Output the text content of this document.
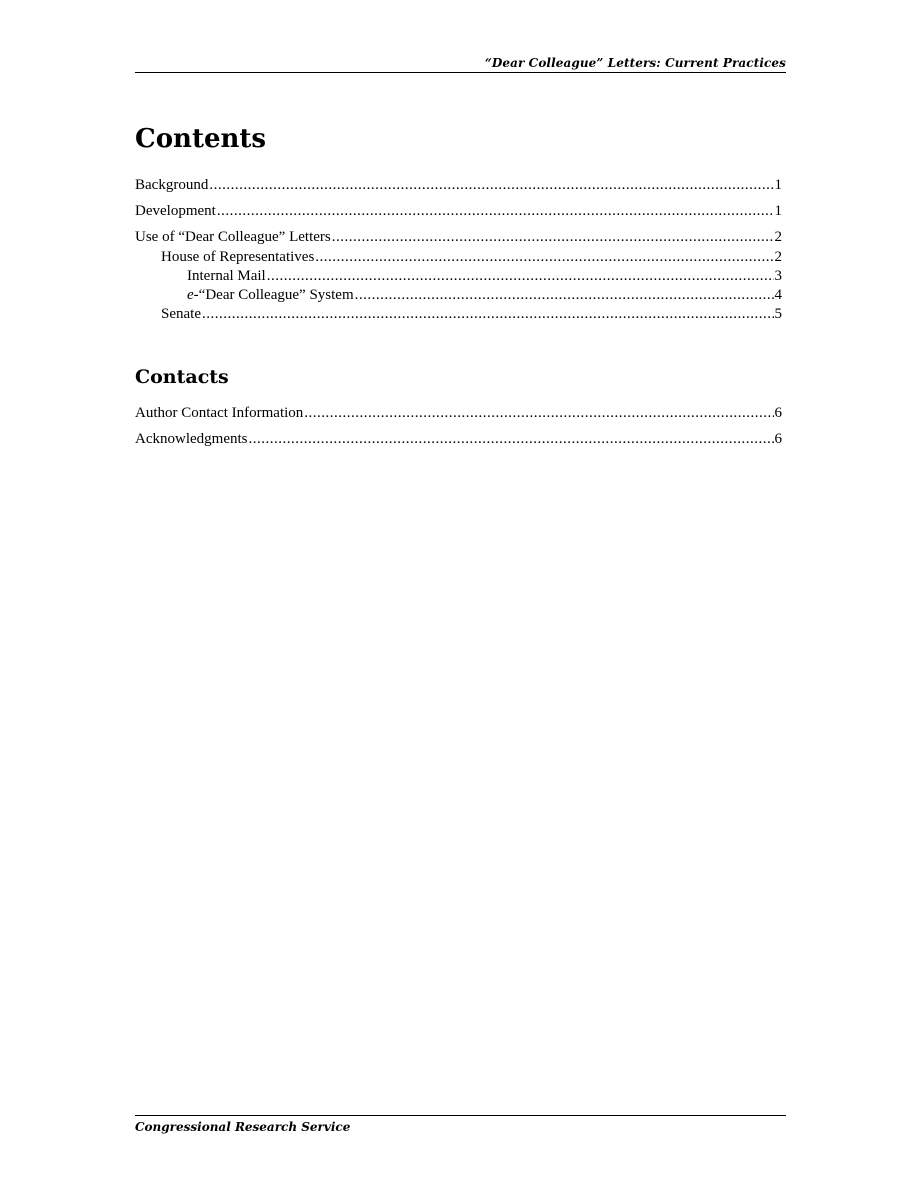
“Dear Colleague” Letters: Current Practices
Contents
Background .....	1
Development .....	1
Use of “Dear Colleague” Letters .....	2
House of Representatives .....	2
Internal Mail .....	3
e-“Dear Colleague” System .....	4
Senate .....	5
Contacts
Author Contact Information .....	6
Acknowledgments .....	6
Congressional Research Service
